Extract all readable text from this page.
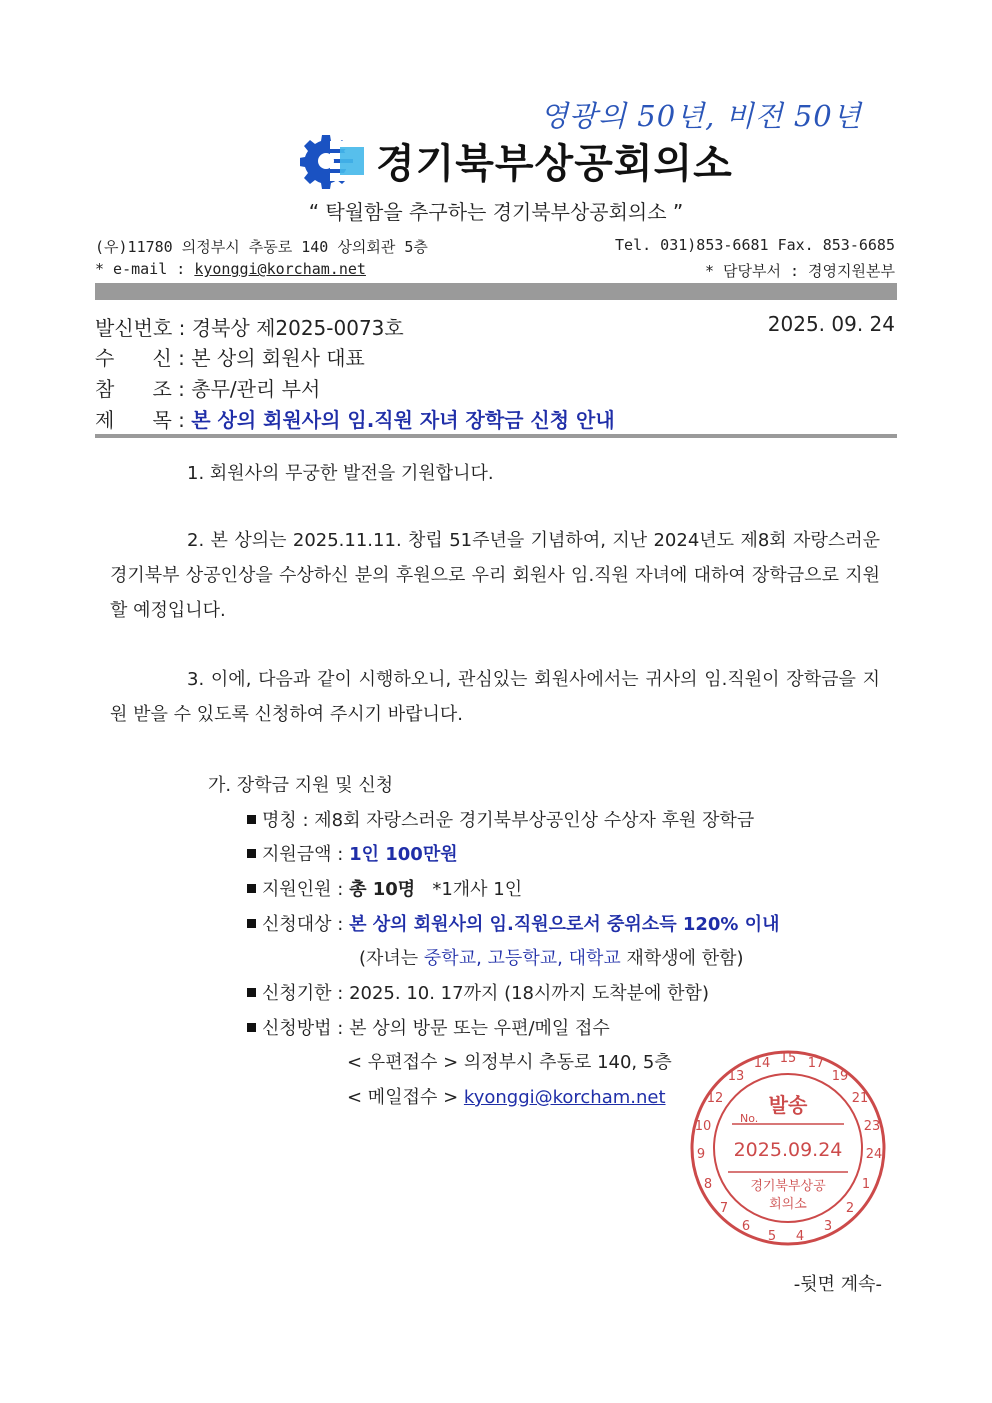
영광의 50년, 비전 50년
경기북부상공회의소
“ 탁월함을 추구하는 경기북부상공회의소 ”
(우)11780 의정부시 추동로 140 상의회관 5층	Tel. 031)853-6681 Fax. 853-6685
* e-mail : kyonggi@korcham.net	* 담당부서 : 경영지원본부
발신번호 : 경북상 제2025-0073호	2025. 09. 24
수      신 : 본 상의 회원사 대표
참      조 : 총무/관리 부서
제      목 : 본 상의 회원사의 임.직원 자녀 장학금 신청 안내
1. 회원사의 무궁한 발전을 기원합니다.
2. 본 상의는 2025.11.11. 창립 51주년을 기념하여, 지난 2024년도 제8회 자랑스러운 경기북부 상공인상을 수상하신 분의 후원으로 우리 회원사 임.직원 자녀에 대하여 장학금으로 지원할 예정입니다.
3. 이에, 다음과 같이 시행하오니, 관심있는 회원사에서는 귀사의 임.직원이 장학금을 지원 받을 수 있도록 신청하여 주시기 바랍니다.
가. 장학금 지원 및 신청
명칭 : 제8회 자랑스러운 경기북부상공인상 수상자 후원 장학금
지원금액 : 1인 100만원
지원인원 : 총 10명 *1개사 1인
신청대상 : 본 상의 회원사의 임.직원으로서 중위소득 120% 이내
(자녀는 중학교, 고등학교, 대학교 재학생에 한함)
신청기한 : 2025. 10. 17까지 (18시까지 도착분에 한함)
신청방법 : 본 상의 방문 또는 우편/메일 접수
< 우편접수 > 의정부시 추동로 140, 5층
< 메일접수 > kyonggi@korcham.net
15 17
19
21
23
24
1
2
3
4
5
6
7
8
9
10
12
13
14
발송
No.
2025.09.24
경기북부상공
회의소
-뒷면 계속-
